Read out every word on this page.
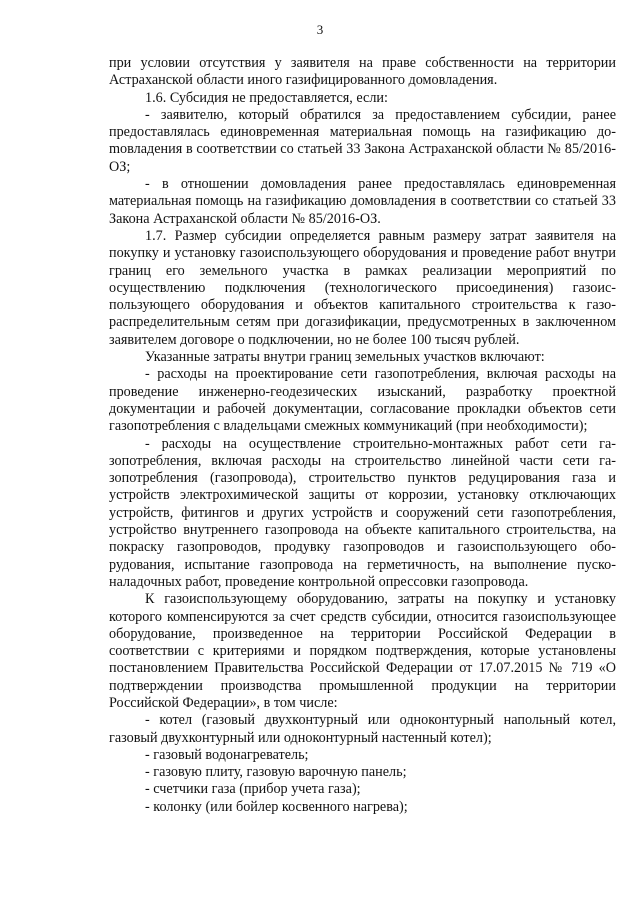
3

при условии отсутствия у заявителя на праве собственности на территории Астраханской области иного газифицированного домовладения.

1.6. Субсидия не предоставляется, если:

- заявителю, который обратился за предоставлением субсидии, ранее предоставлялась единовременная материальная помощь на газификацию доmовладения в соответствии со статьей 33 Закона Астраханской области № 85/2016-ОЗ;

- в отношении домовладения ранее предоставлялась единовременная материальная помощь на газификацию домовладения в соответствии со статьей 33 Закона Астраханской области № 85/2016-ОЗ.

1.7. Размер субсидии определяется равным размеру затрат заявителя на покупку и установку газоиспользующего оборудования и проведение работ внутри границ его земельного участка в рамках реализации мероприятий по осуществлению подключения (технологического присоединения) газоиспользующего оборудования и объектов капитального строительства к газораспределительным сетям при догазификации, предусмотренных в заключенном заявителем договоре о подключении, но не более 100 тысяч рублей.

Указанные затраты внутри границ земельных участков включают:

- расходы на проектирование сети газопотребления, включая расходы на проведение инженерно-геодезических изысканий, разработку проектной документации и рабочей документации, согласование прокладки объектов сети газопотребления с владельцами смежных коммуникаций (при необходимости);

- расходы на осуществление строительно-монтажных работ сети газопотребления, включая расходы на строительство линейной части сети газопотребления (газопровода), строительство пунктов редуцирования газа и устройств электрохимической защиты от коррозии, установку отключающих устройств, фитингов и других устройств и сооружений сети газопотребления, устройство внутреннего газопровода на объекте капитального строительства, на покраску газопроводов, продувку газопроводов и газоиспользующего оборудования, испытание газопровода на герметичность, на выполнение пусконаладочных работ, проведение контрольной опрессовки газопровода.

К газоиспользующему оборудованию, затраты на покупку и установку которого компенсируются за счет средств субсидии, относится газоиспользующее оборудование, произведенное на территории Российской Федерации в соответствии с критериями и порядком подтверждения, которые установлены постановлением Правительства Российской Федерации от 17.07.2015 № 719 «О подтверждении производства промышленной продукции на территории Российской Федерации», в том числе:

- котел (газовый двухконтурный или одноконтурный напольный котел, газовый двухконтурный или одноконтурный настенный котел);

- газовый водонагреватель;

- газовую плиту, газовую варочную панель;

- счетчики газа (прибор учета газа);

- колонку (или бойлер косвенного нагрева);
